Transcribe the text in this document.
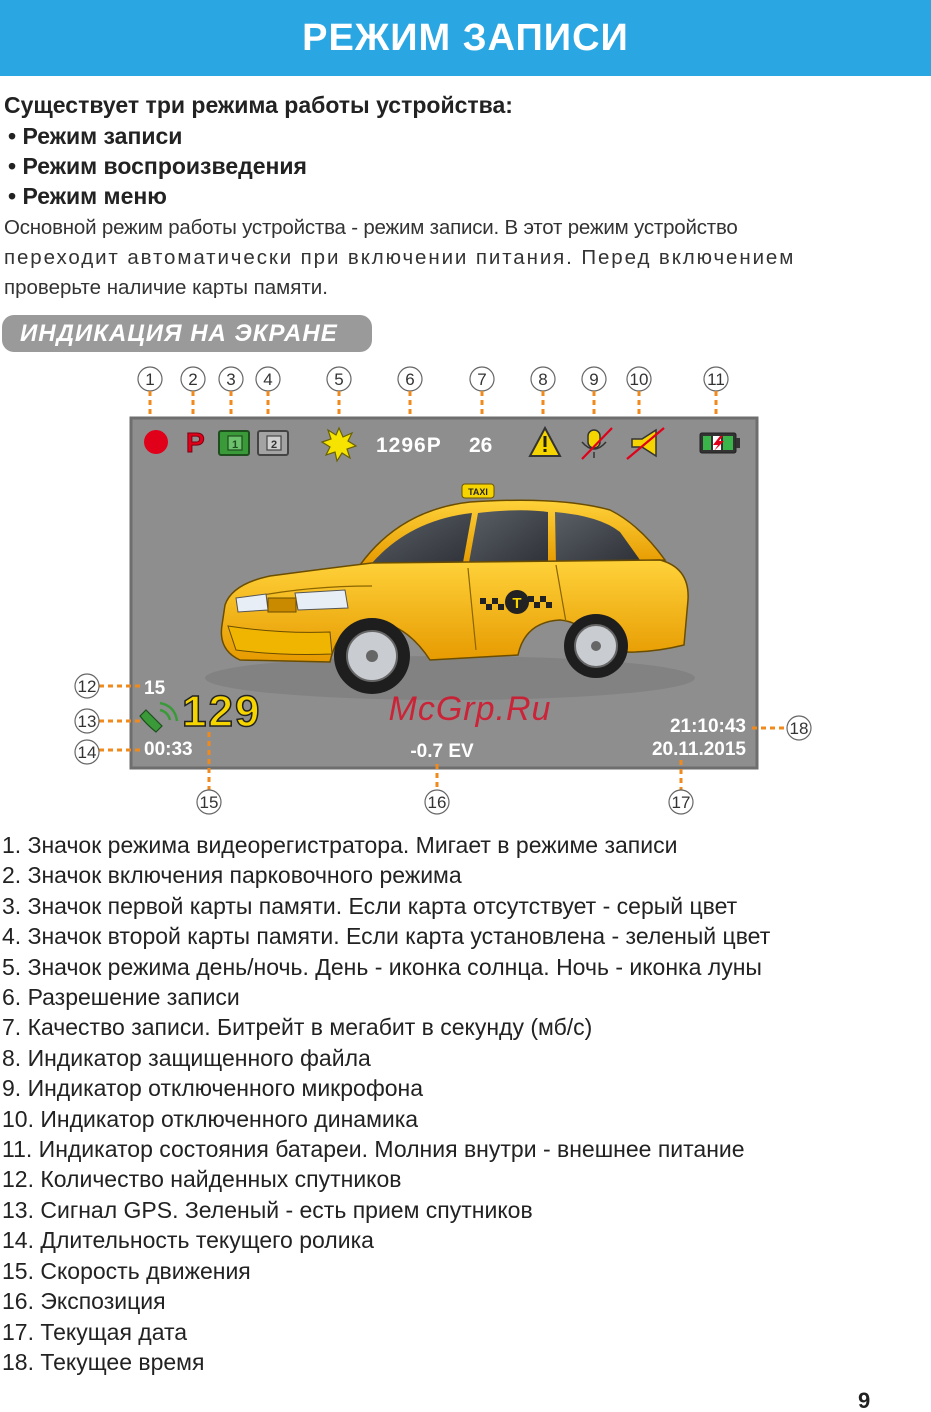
РЕЖИМ ЗАПИСИ
Существует три режима работы устройства:
• Режим записи
• Режим воспроизведения
• Режим меню
Основной режим работы устройства - режим записи. В этот режим устройство
переходит автоматически при включении питания. Перед включением
проверьте наличие карты памяти.
ИНДИКАЦИЯ НА ЭКРАНЕ
1 2 3 4	5	6	7	8 9 10	11
P 1	2	1296P 26
TAXI
T
15 129
00:33	-0.7 EV
21:10:43
20.11.2015
McGrp.Ru
12
13
14
15	16	17
18
1. Значок режима видеорегистратора. Мигает в режиме записи
2. Значок включения парковочного режима
3. Значок первой карты памяти. Если карта отсутствует - серый цвет
4. Значок второй карты памяти. Если карта установлена - зеленый цвет
5. Значок режима день/ночь. День - иконка солнца. Ночь - иконка луны
6. Разрешение записи
7. Качество записи. Битрейт в мегабит в секунду (мб/с)
8. Индикатор защищенного файла
9. Индикатор отключенного микрофона
10. Индикатор отключенного динамика
11. Индикатор состояния батареи. Молния внутри - внешнее питание
12. Количество найденных спутников
13. Сигнал GPS. Зеленый - есть прием спутников
14. Длительность текущего ролика
15. Скорость движения
16. Экспозиция
17. Текущая дата
18. Текущее время
9
